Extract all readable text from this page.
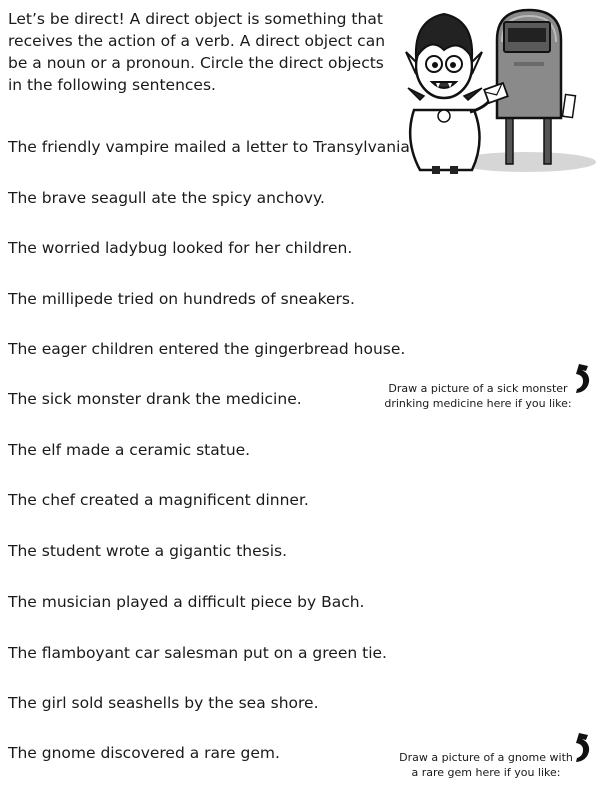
Let’s be direct! A direct object is something that receives the action of a verb. A direct object can be a noun or a pronoun. Circle the direct objects in the following sentences.

The friendly vampire mailed a letter to Transylvania.

The brave seagull ate the spicy anchovy.

The worried ladybug looked for her children.

The millipede tried on hundreds of sneakers.

The eager children entered the gingerbread house.

The sick monster drank the medicine.

The elf made a ceramic statue.

The chef created a magnificent dinner.

The student wrote a gigantic thesis.

The musician played a difficult piece by Bach.

The flamboyant car salesman put on a green tie.

The girl sold seashells by the sea shore.

The gnome discovered a rare gem.

Draw a picture of a sick monster
drinking medicine here if you like:
Draw a picture of a gnome with
a rare gem here if you like:
